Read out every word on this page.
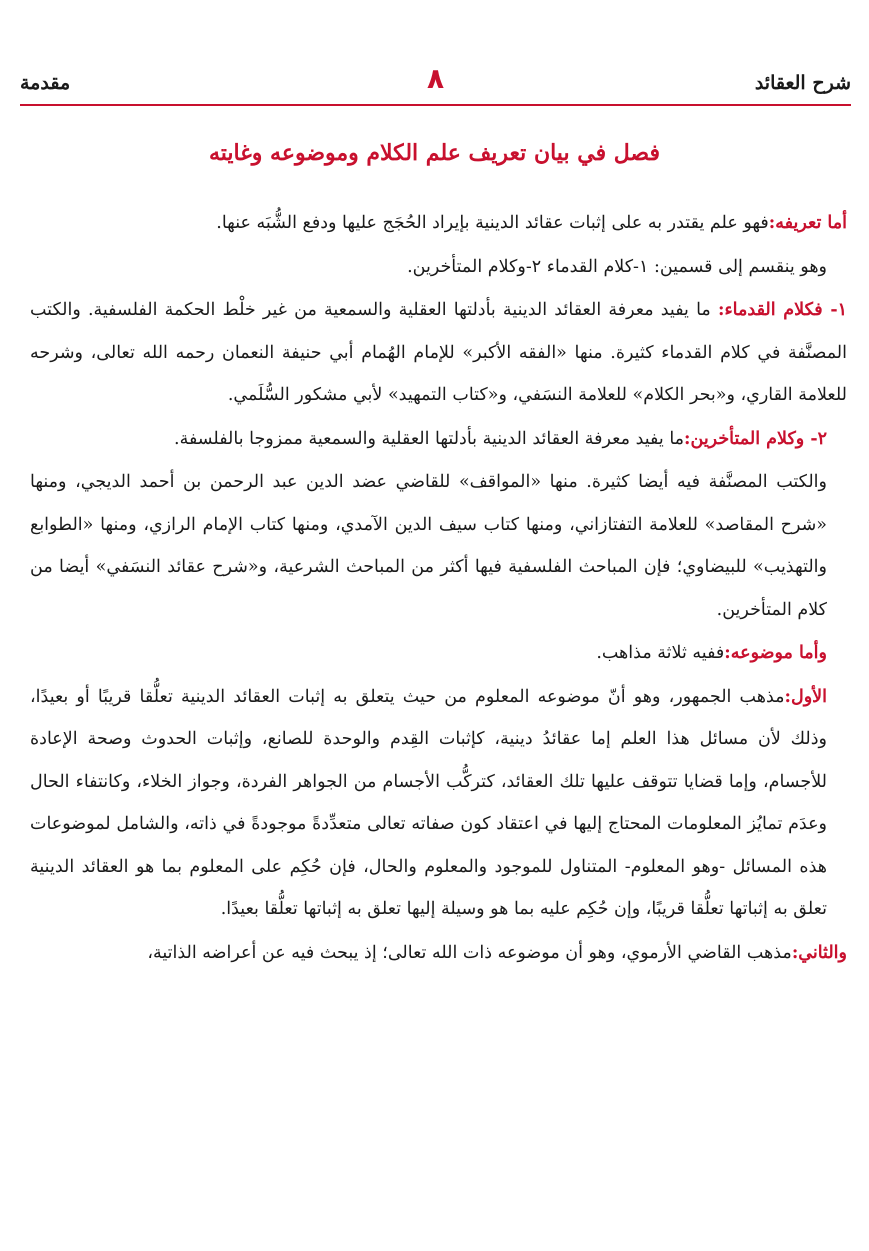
شرح العقائد
٨
مقدمة
فصل في بيان تعريف علم الكلام وموضوعه وغايته

أما تعريفه:فهو علم يقتدر به على إثبات عقائد الدينية بإيراد الحُجَج عليها ودفع الشُّبَه عنها.

وهو ينقسم إلى قسمين: ١-كلام القدماء ٢-وكلام المتأخرين.

١- فكلام القدماء: ما يفيد معرفة العقائد الدينية بأدلتها العقلية والسمعية من غير خلْط الحكمة الفلسفية. والكتب المصنَّفة في كلام القدماء كثيرة. منها «الفقه الأكبر» للإمام الهُمام أبي حنيفة النعمان رحمه الله تعالى، وشرحه للعلامة القاري، و«بحر الكلام» للعلامة النسَفي، و«كتاب التمهيد» لأبي مشكور السُّلَمي.

٢- وكلام المتأخرين:ما يفيد معرفة العقائد الدينية بأدلتها العقلية والسمعية ممزوجا بالفلسفة.

والكتب المصنَّفة فيه أيضا كثيرة. منها «المواقف» للقاضي عضد الدين عبد الرحمن بن أحمد الديجي، ومنها «شرح المقاصد» للعلامة التفتازاني، ومنها كتاب سيف الدين الآمدي، ومنها كتاب الإمام الرازي، ومنها «الطوابع والتهذيب» للبيضاوي؛ فإن المباحث الفلسفية فيها أكثر من المباحث الشرعية، و«شرح عقائد النسَفي» أيضا من كلام المتأخرين.

وأما موضوعه:ففيه ثلاثة مذاهب.

الأول:مذهب الجمهور، وهو أنّ موضوعه المعلوم من حيث يتعلق به إثبات العقائد الدينية تعلُّقا قريبًا أو بعيدًا، وذلك لأن مسائل هذا العلم إما عقائدُ دينية، كإثبات القِدم والوحدة للصانع، وإثبات الحدوث وصحة الإعادة للأجسام، وإما قضايا تتوقف عليها تلك العقائد، كتركُّب الأجسام من الجواهر الفردة، وجواز الخلاء، وكانتفاء الحال وعدَم تمايُز المعلومات المحتاج إليها في اعتقاد كون صفاته تعالى متعدِّدةً موجودةً في ذاته، والشامل لموضوعات هذه المسائل -وهو المعلوم- المتناول للموجود والمعلوم والحال، فإن حُكِم على المعلوم بما هو العقائد الدينية تعلق به إثباتها تعلُّقا قريبًا، وإن حُكِم عليه بما هو وسيلة إليها تعلق به إثباتها تعلُّقا بعيدًا.

والثاني:مذهب القاضي الأرموي، وهو أن موضوعه ذات الله تعالى؛ إذ يبحث فيه عن أعراضه الذاتية،
